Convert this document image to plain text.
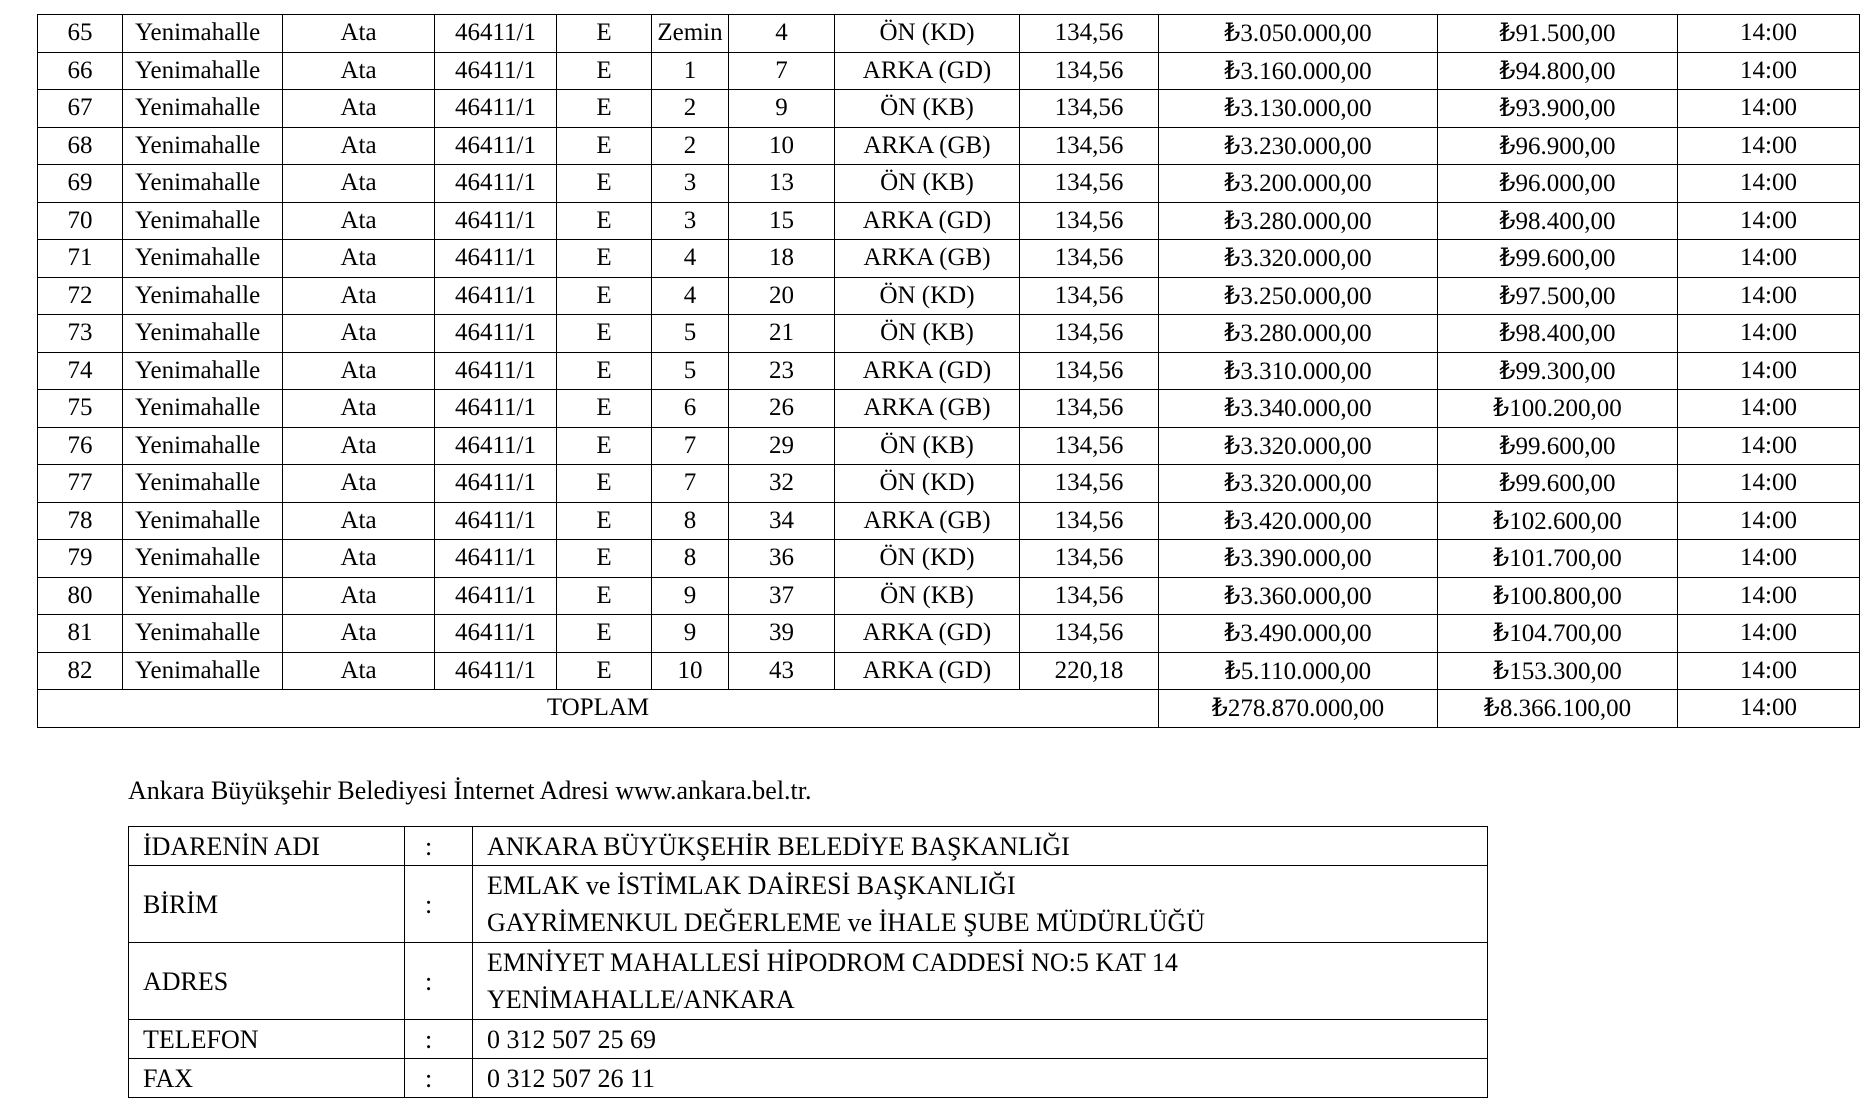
65	Yenimahalle	Ata	46411/1	E	Zemin	4	ÖN (KD)	134,56	₺3.050.000,00	₺91.500,00	14:00
66	Yenimahalle	Ata	46411/1	E	1	7	ARKA (GD)	134,56	₺3.160.000,00	₺94.800,00	14:00
67	Yenimahalle	Ata	46411/1	E	2	9	ÖN (KB)	134,56	₺3.130.000,00	₺93.900,00	14:00
68	Yenimahalle	Ata	46411/1	E	2	10	ARKA (GB)	134,56	₺3.230.000,00	₺96.900,00	14:00
69	Yenimahalle	Ata	46411/1	E	3	13	ÖN (KB)	134,56	₺3.200.000,00	₺96.000,00	14:00
70	Yenimahalle	Ata	46411/1	E	3	15	ARKA (GD)	134,56	₺3.280.000,00	₺98.400,00	14:00
71	Yenimahalle	Ata	46411/1	E	4	18	ARKA (GB)	134,56	₺3.320.000,00	₺99.600,00	14:00
72	Yenimahalle	Ata	46411/1	E	4	20	ÖN (KD)	134,56	₺3.250.000,00	₺97.500,00	14:00
73	Yenimahalle	Ata	46411/1	E	5	21	ÖN (KB)	134,56	₺3.280.000,00	₺98.400,00	14:00
74	Yenimahalle	Ata	46411/1	E	5	23	ARKA (GD)	134,56	₺3.310.000,00	₺99.300,00	14:00
75	Yenimahalle	Ata	46411/1	E	6	26	ARKA (GB)	134,56	₺3.340.000,00	₺100.200,00	14:00
76	Yenimahalle	Ata	46411/1	E	7	29	ÖN (KB)	134,56	₺3.320.000,00	₺99.600,00	14:00
77	Yenimahalle	Ata	46411/1	E	7	32	ÖN (KD)	134,56	₺3.320.000,00	₺99.600,00	14:00
78	Yenimahalle	Ata	46411/1	E	8	34	ARKA (GB)	134,56	₺3.420.000,00	₺102.600,00	14:00
79	Yenimahalle	Ata	46411/1	E	8	36	ÖN (KD)	134,56	₺3.390.000,00	₺101.700,00	14:00
80	Yenimahalle	Ata	46411/1	E	9	37	ÖN (KB)	134,56	₺3.360.000,00	₺100.800,00	14:00
81	Yenimahalle	Ata	46411/1	E	9	39	ARKA (GD)	134,56	₺3.490.000,00	₺104.700,00	14:00
82	Yenimahalle	Ata	46411/1	E	10	43	ARKA (GD)	220,18	₺5.110.000,00	₺153.300,00	14:00
TOPLAM									₺278.870.000,00	₺8.366.100,00	14:00
Ankara Büyükşehir Belediyesi İnternet Adresi www.ankara.bel.tr.
İDARENİN ADI	:	ANKARA BÜYÜKŞEHİR BELEDİYE BAŞKANLIĞI

BİRİM	:	EMLAK ve İSTİMLAK DAİRESİ BAŞKANLIĞI
GAYRİMENKUL DEĞERLEME ve İHALE ŞUBE MÜDÜRLÜĞÜ

ADRES	:	EMNİYET MAHALLESİ HİPODROM CADDESİ NO:5 KAT 14
YENİMAHALLE/ANKARA

TELEFON	:	0 312 507 25 69

FAX	:	0 312 507 26 11
